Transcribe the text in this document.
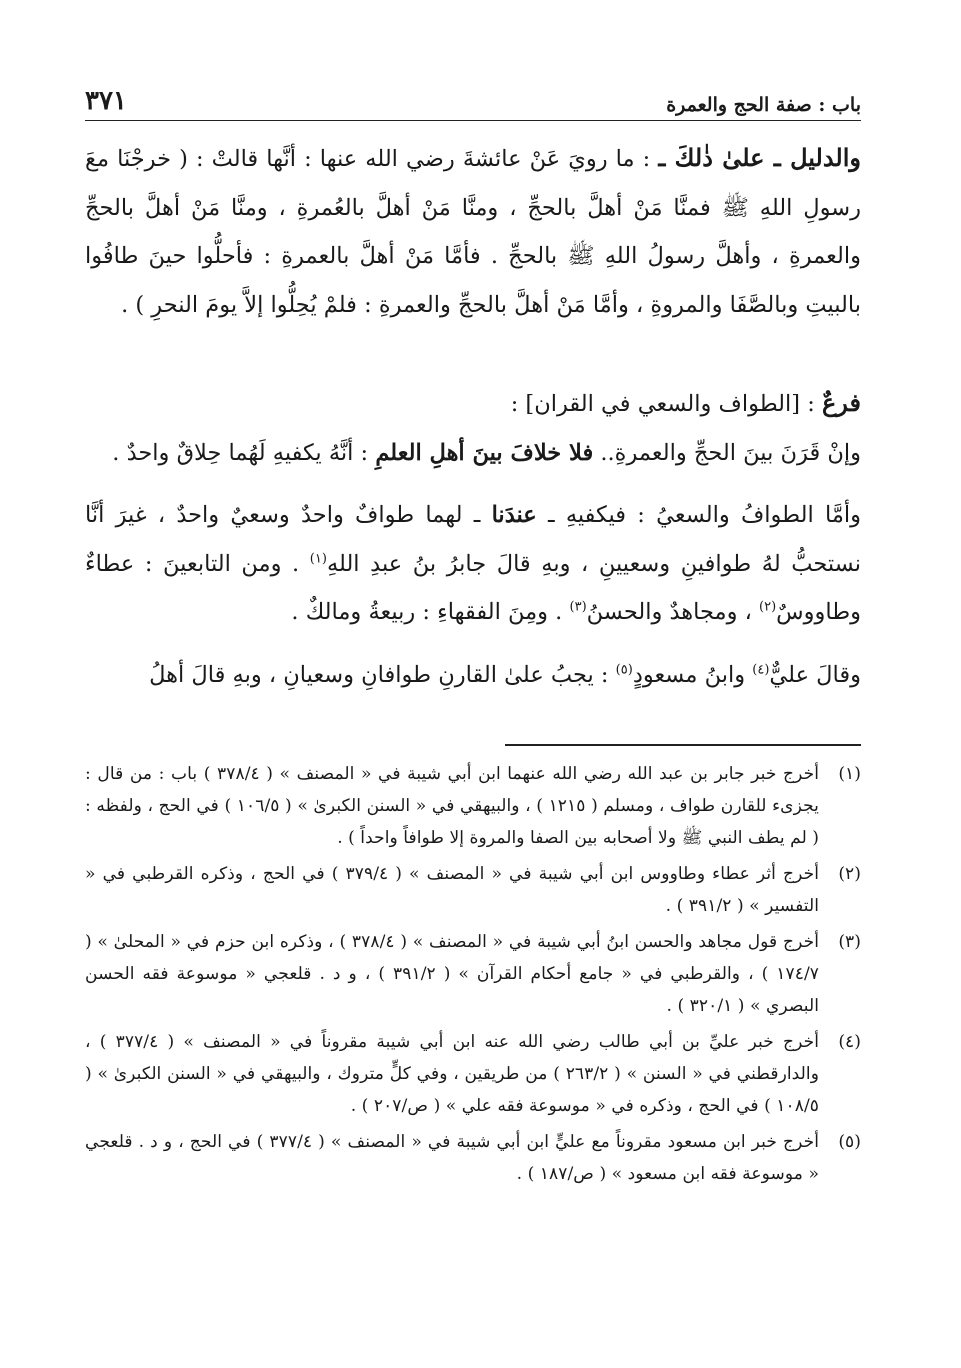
باب : صفة الحج والعمرة
٣٧١

والدليل ـ علىٰ ذٰلكَ ـ : ما رويَ عَنْ عائشةَ رضي الله عنها : أنَّها قالتْ : ( خرجْنَا معَ رسولِ اللهِ ﷺ فمنَّا مَنْ أهلَّ بالحجِّ ، ومنَّا مَنْ أهلَّ بالعُمرةِ ، ومنَّا مَنْ أهلَّ بالحجِّ والعمرةِ ، وأهلَّ رسولُ اللهِ ﷺ بالحجِّ . فأمَّا مَنْ أهلَّ بالعمرةِ : فأحلُّوا حينَ طافُوا بالبيتِ وبالصَّفَا والمروةِ ، وأمَّا مَنْ أهلَّ بالحجِّ والعمرةِ : فلمْ يُحِلُّوا إلاَّ يومَ النحرِ ) .

فرعٌ : [الطواف والسعي في القران] :

وإنْ قَرَنَ بينَ الحجِّ والعمرةِ.. فلا خلافَ بينَ أهلِ العلمِ : أنَّهُ يكفيهِ لَهُما حِلاقٌ واحدٌ .

وأمَّا الطوافُ والسعيُ : فيكفيهِ ـ عندَنا ـ لهما طوافٌ واحدٌ وسعيٌ واحدٌ ، غيرَ أنَّا نستحبُّ لهُ طوافينِ وسعيينِ ، وبهِ قالَ جابرُ بنُ عبدِ اللهِ$^{(١)}$ . ومن التابعينَ : عطاءٌ وطاووسٌ$^{(٢)}$ ، ومجاهدٌ والحسنُ$^{(٣)}$ . ومِنَ الفقهاءِ : ربيعةُ ومالكٌ .

وقالَ عليٌّ$^{(٤)}$ وابنُ مسعودٍ$^{(٥)}$ : يجبُ علىٰ القارنِ طوافانِ وسعيانِ ، وبهِ قالَ أهلُ

(١)
أخرج خبر جابر بن عبد الله رضي الله عنهما ابن أبي شيبة في « المصنف » ( ٣٧٨/٤ ) باب : من قال : يجزىء للقارن طواف ، ومسلم ( ١٢١٥ ) ، والبيهقي في « السنن الكبرىٰ » ( ١٠٦/٥ ) في الحج ، ولفظه : ( لم يطف النبي ﷺ ولا أصحابه بين الصفا والمروة إلا طوافاً واحداً ) .
(٢)
أخرج أثر عطاء وطاووس ابن أبي شيبة في « المصنف » ( ٣٧٩/٤ ) في الحج ، وذكره القرطبي في « التفسير » ( ٣٩١/٢ ) .
(٣)
أخرج قول مجاهد والحسن ابنُ أبي شيبة في « المصنف » ( ٣٧٨/٤ ) ، وذكره ابن حزم في « المحلىٰ » ( ١٧٤/٧ ) ، والقرطبي في « جامع أحكام القرآن » ( ٣٩١/٢ ) ، و د . قلعجي « موسوعة فقه الحسن البصري » ( ٣٢٠/١ ) .
(٤)
أخرج خبر عليِّ بن أبي طالب رضي الله عنه ابن أبي شيبة مقروناً في « المصنف » ( ٣٧٧/٤ ) ، والدارقطني في « السنن » ( ٢٦٣/٢ ) من طريقين ، وفي كلٍّ متروك ، والبيهقي في « السنن الكبرىٰ » ( ١٠٨/٥ ) في الحج ، وذكره في « موسوعة فقه علي » ( ص/٢٠٧ ) .
(٥)
أخرج خبر ابن مسعود مقروناً مع عليٍّ ابن أبي شيبة في « المصنف » ( ٣٧٧/٤ ) في الحج ، و د . قلعجي « موسوعة فقه ابن مسعود » ( ص/١٨٧ ) .
